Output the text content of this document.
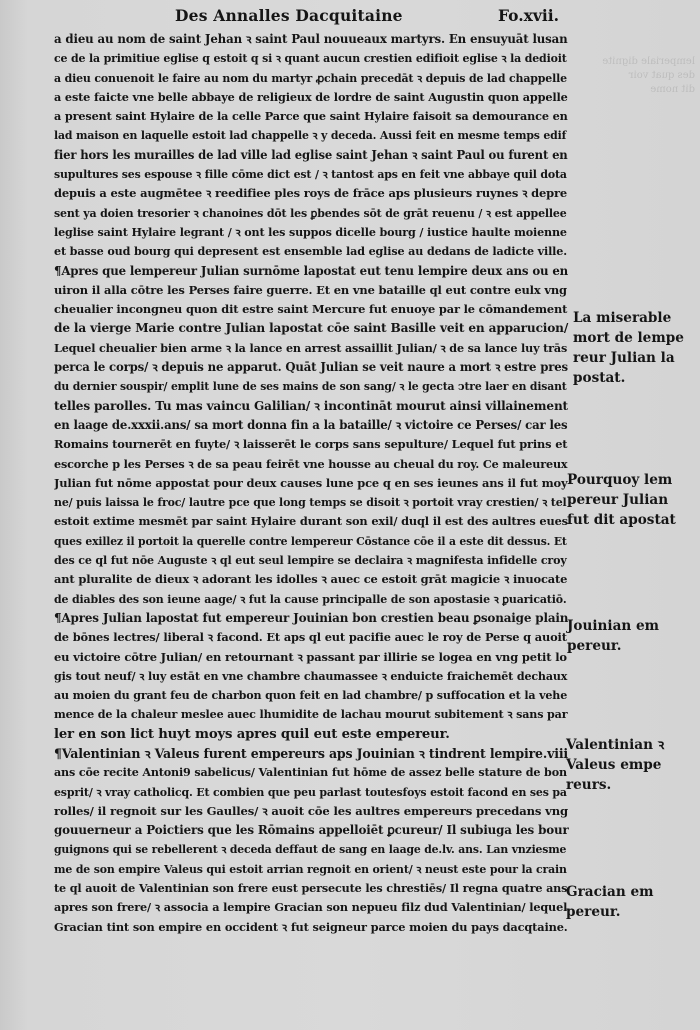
lemperiale dignite
des quat voir
dit nome
Des Annalles Dacquitaine	Fo.xvii.
a dieu au nom de saint Jehan ꝛ saint Paul nouueaux martyrs. En ensuyuāt lusan
ce de la primitiue eglise q estoit q si ꝛ quant aucun crestien edifioit eglise ꝛ la dedioit
a dieu conuenoit le faire au nom du martyr ꝓchain precedāt ꝛ depuis de lad chappelle
a este faicte vne belle abbaye de religieux de lordre de saint Augustin quon appelle
a present saint Hylaire de la celle Parce que saint Hylaire faisoit sa demourance en
lad maison en laquelle estoit lad chappelle ꝛ y deceda. Aussi feit en mesme temps edif
fier hors les murailles de lad ville lad eglise saint Jehan ꝛ saint Paul ou furent en
supultures ses espouse ꝛ fille cōme dict est / ꝛ tantost aps en feit vne abbaye quil dota
depuis a este augmētee ꝛ reedifiee ples roys de frāce aps plusieurs ruynes ꝛ depre
sent ya doien tresorier ꝛ chanoines dōt les ꝑbendes sōt de grāt reuenu / ꝛ est appellee
leglise saint Hylaire legrant / ꝛ ont les suppos dicelle bourg / iustice haulte moienne
et basse oud bourg qui depresent est ensemble lad eglise au dedans de ladicte ville.
¶Apres que lempereur Julian surnōme lapostat eut tenu lempire deux ans ou en
uiron il alla cōtre les Perses faire guerre. Et en vne bataille ql eut contre eulx vng
cheualier incongneu quon dit estre saint Mercure fut enuoye par le cōmandement
de la vierge Marie contre Julian lapostat cōe saint Basille veit en apparucion/
Lequel cheualier bien arme ꝛ la lance en arrest assaillit Julian/ ꝛ de sa lance luy trās
perca le corps/ ꝛ depuis ne apparut. Quāt Julian se veit naure a mort ꝛ estre pres
du dernier souspir/ emplit lune de ses mains de son sang/ ꝛ le gecta ↄtre laer en disant
telles parolles. Tu mas vaincu Galilian/ ꝛ incontināt mourut ainsi villainement
en laage de.xxxii.ans/ sa mort donna fin a la bataille/ ꝛ victoire ce Perses/ car les
Romains tournerēt en fuyte/ ꝛ laisserēt le corps sans sepulture/ Lequel fut prins et
escorche p les Perses ꝛ de sa peau feirēt vne housse au cheual du roy. Ce maleureux
Julian fut nōme appostat pour deux causes lune pce q en ses ieunes ans il fut moy
ne/ puis laissa le froc/ lautre pce que long temps se disoit ꝛ portoit vray crestien/ ꝛ tel
estoit extime mesmēt par saint Hylaire durant son exil/ duql il est des aultres eues
ques exillez il portoit la querelle contre lempereur Cōstance cōe il a este dit dessus. Et
des ce ql fut nōe Auguste ꝛ ql eut seul lempire se declaira ꝛ magnifesta infidelle croy
ant pluralite de dieux ꝛ adorant les idolles ꝛ auec ce estoit grāt magicie ꝛ inuocate
de diables des son ieune aage/ ꝛ fut la cause principalle de son apostasie ꝛ ꝑuaricatiō.
¶Apres Julian lapostat fut empereur Jouinian bon crestien beau ꝑsonaige plain
de bōnes lectres/ liberal ꝛ facond. Et aps ql eut pacifie auec le roy de Perse q auoit
eu victoire cōtre Julian/ en retournant ꝛ passant par illirie se logea en vng petit lo
gis tout neuf/ ꝛ luy estāt en vne chambre chaumassee ꝛ enduicte fraichemēt dechaux
au moien du grant feu de charbon quon feit en lad chambre/ p suffocation et la vehe
mence de la chaleur meslee auec lhumidite de lachau mourut subitement ꝛ sans par
ler en son lict huyt moys apres quil eut este empereur.
¶Valentinian ꝛ Valeus furent empereurs aps Jouinian ꝛ tindrent lempire.viii
ans cōe recite Antoni9 sabelicus/ Valentinian fut hōme de assez belle stature de bon
esprit/ ꝛ vray catholicq. Et combien que peu parlast toutesfoys estoit facond en ses pa
rolles/ il regnoit sur les Gaulles/ ꝛ auoit cōe les aultres empereurs precedans vng
gouuerneur a Poictiers que les Rōmains appelloiēt ꝑcureur/ Il subiuga les bour
guignons qui se rebellerent ꝛ deceda deffaut de sang en laage de.lv. ans. Lan vnziesme
me de son empire Valeus qui estoit arrian regnoit en orient/ ꝛ neust este pour la crain
te ql auoit de Valentinian son frere eust persecute les chrestiēs/ Il regna quatre ans
apres son frere/ ꝛ associa a lempire Gracian son nepueu filz dud Valentinian/ lequel
Gracian tint son empire en occident ꝛ fut seigneur parce moien du pays dacqtaine.
La miserable
mort de lempe
reur Julian la
postat.
Pourquoy lem
pereur Julian
fut dit apostat
Jouinian em
pereur.
Valentinian ꝛ
Valeus empe
reurs.
Gracian em
pereur.
